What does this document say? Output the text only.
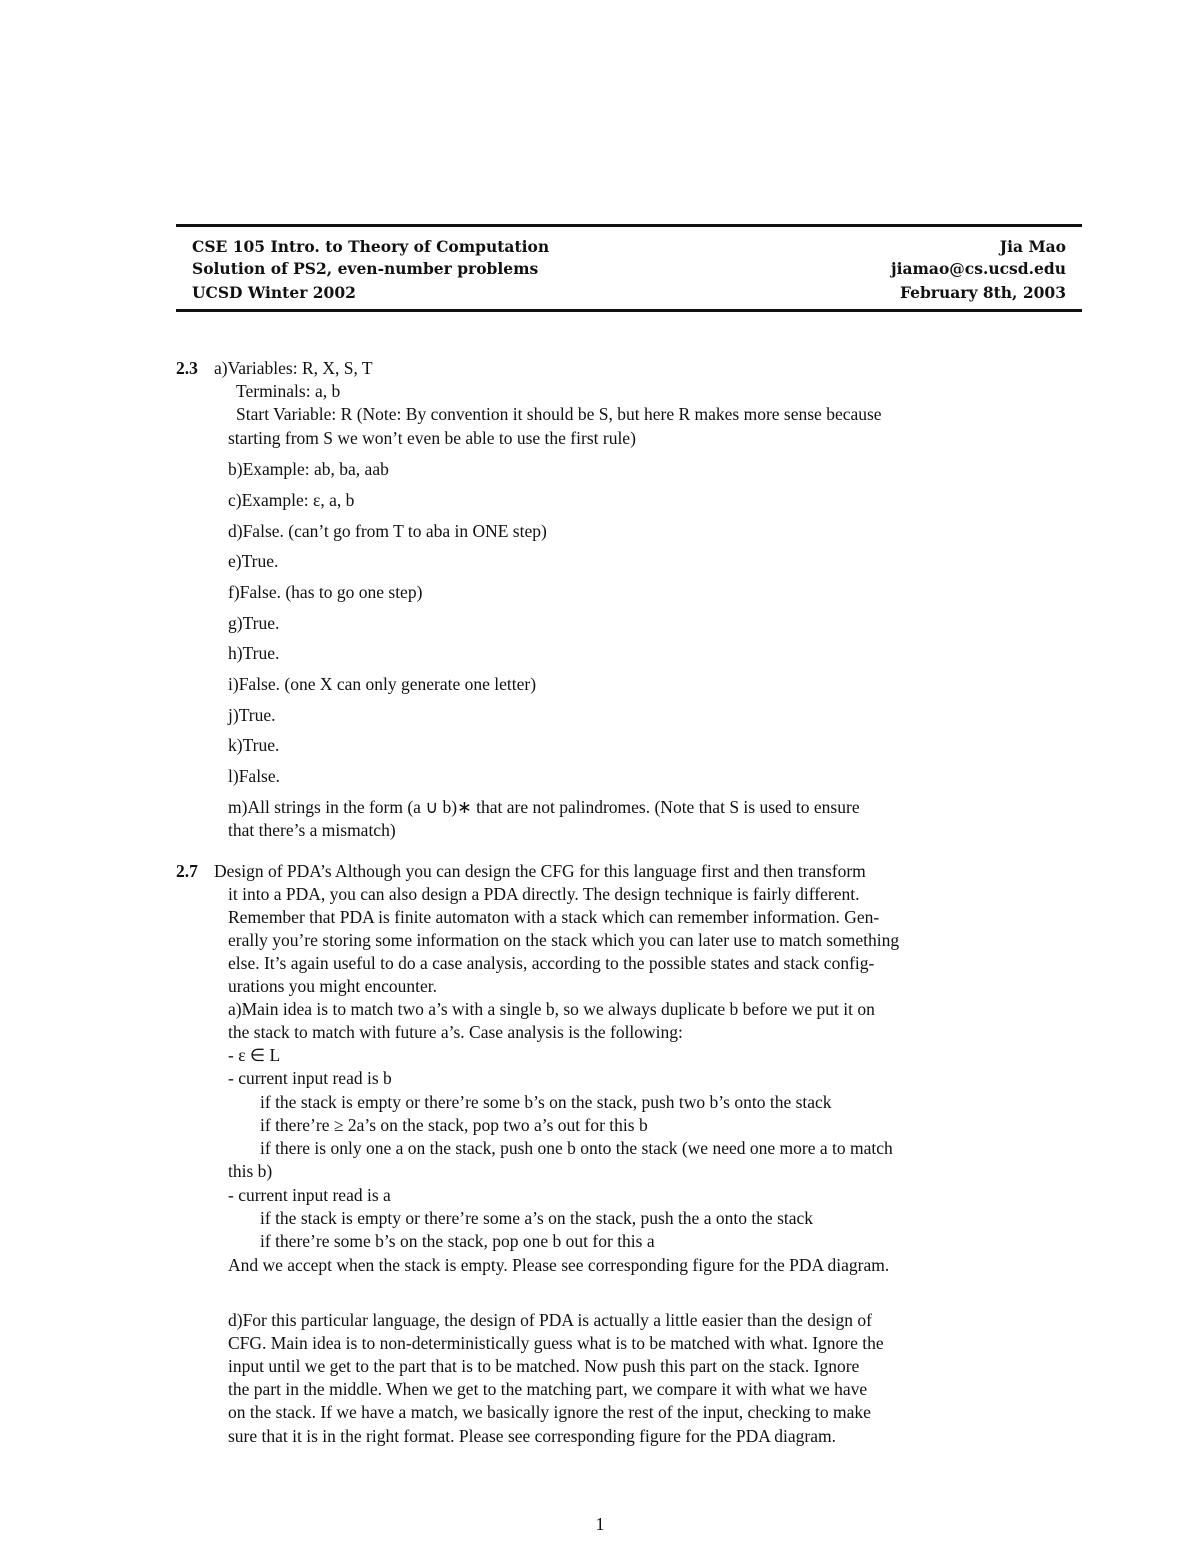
CSE 105 Intro. to Theory of Computation	Jia Mao
Solution of PS2, even-number problems	jiamao@cs.ucsd.edu
UCSD Winter 2002	February 8th, 2003
2.3 a)Variables: R, X, S, T
Terminals: a, b
Start Variable: R (Note: By convention it should be S, but here R makes more sense because
starting from S we won’t even be able to use the first rule)
b)Example: ab, ba, aab
c)Example: ε, a, b
d)False. (can’t go from T to aba in ONE step)
e)True.
f)False. (has to go one step)
g)True.
h)True.
i)False. (one X can only generate one letter)
j)True.
k)True.
l)False.
m)All strings in the form (a ∪ b)∗ that are not palindromes. (Note that S is used to ensure
that there’s a mismatch)
2.7 Design of PDA’s Although you can design the CFG for this language first and then transform
it into a PDA, you can also design a PDA directly. The design technique is fairly different.
Remember that PDA is finite automaton with a stack which can remember information. Gen-
erally you’re storing some information on the stack which you can later use to match something
else. It’s again useful to do a case analysis, according to the possible states and stack config-
urations you might encounter.
a)Main idea is to match two a’s with a single b, so we always duplicate b before we put it on
the stack to match with future a’s. Case analysis is the following:
- ε ∈ L
- current input read is b
if the stack is empty or there’re some b’s on the stack, push two b’s onto the stack
if there’re ≥ 2a’s on the stack, pop two a’s out for this b
if there is only one a on the stack, push one b onto the stack (we need one more a to match
this b)
- current input read is a
if the stack is empty or there’re some a’s on the stack, push the a onto the stack
if there’re some b’s on the stack, pop one b out for this a
And we accept when the stack is empty. Please see corresponding figure for the PDA diagram.
d)For this particular language, the design of PDA is actually a little easier than the design of
CFG. Main idea is to non-deterministically guess what is to be matched with what. Ignore the
input until we get to the part that is to be matched. Now push this part on the stack. Ignore
the part in the middle. When we get to the matching part, we compare it with what we have
on the stack. If we have a match, we basically ignore the rest of the input, checking to make
sure that it is in the right format. Please see corresponding figure for the PDA diagram.
1
